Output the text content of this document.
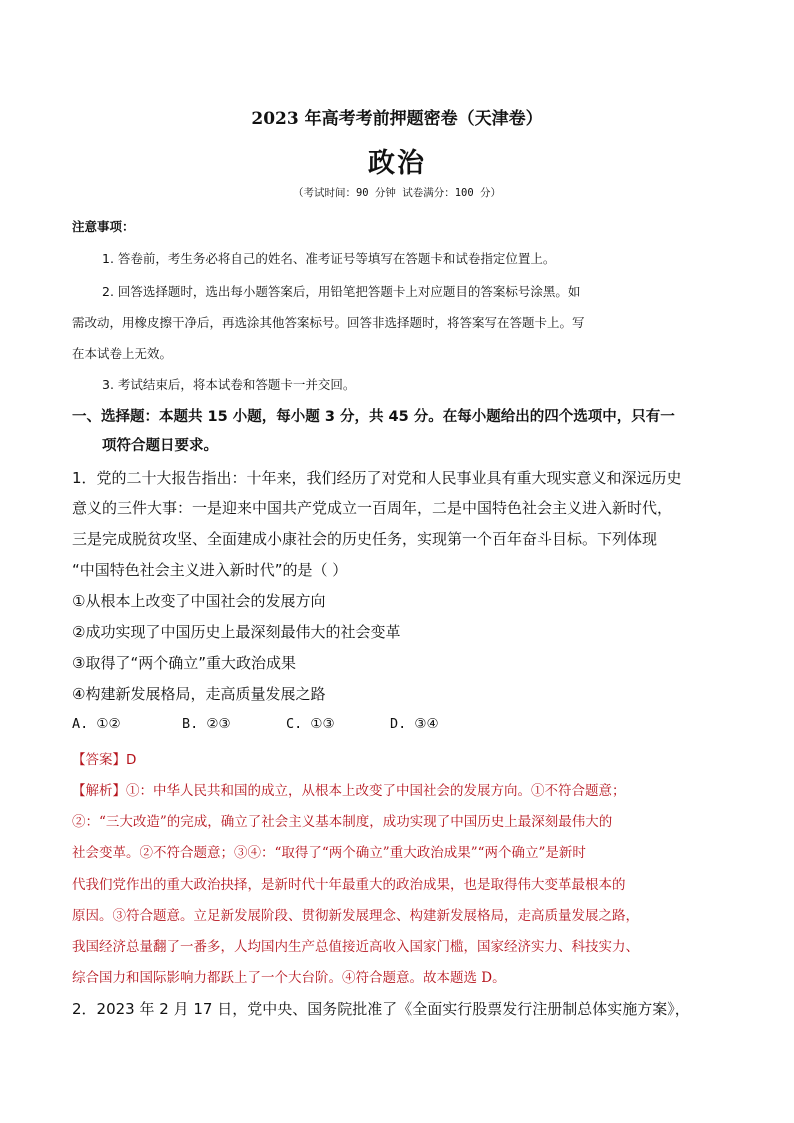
2023 年高考考前押题密卷（天津卷）
政治
（考试时间：90 分钟 试卷满分：100 分）
注意事项：
1. 答卷前，考生务必将自己的姓名、准考证号等填写在答题卡和试卷指定位置上。
2. 回答选择题时，选出每小题答案后，用铅笔把答题卡上对应题目的答案标号涂黑。如
需改动，用橡皮擦干净后，再选涂其他答案标号。回答非选择题时，将答案写在答题卡上。写
在本试卷上无效。
3. 考试结束后，将本试卷和答题卡一并交回。
一、选择题：本题共 15 小题，每小题 3 分，共 45 分。在每小题给出的四个选项中，只有一
项符合题日要求。
1．党的二十大报告指出：十年来，我们经历了对党和人民事业具有重大现实意义和深远历史
意义的三件大事：一是迎来中国共产党成立一百周年，二是中国特色社会主义进入新时代，
三是完成脱贫攻坚、全面建成小康社会的历史任务，实现第一个百年奋斗目标。下列体现
“中国特色社会主义进入新时代”的是（ ）
①从根本上改变了中国社会的发展方向
②成功实现了中国历史上最深刻最伟大的社会变革
③取得了“两个确立”重大政治成果
④构建新发展格局，走高质量发展之路
A. ①②	B. ②③	C. ①③	D. ③④
【答案】D
【解析】①：中华人民共和国的成立，从根本上改变了中国社会的发展方向。①不符合题意；
②：“三大改造”的完成，确立了社会主义基本制度，成功实现了中国历史上最深刻最伟大的
社会变革。②不符合题意；③④：“取得了“两个确立”重大政治成果”“两个确立”是新时
代我们党作出的重大政治抉择，是新时代十年最重大的政治成果，也是取得伟大变革最根本的
原因。③符合题意。立足新发展阶段、贯彻新发展理念、构建新发展格局，走高质量发展之路，
我国经济总量翻了一番多，人均国内生产总值接近高收入国家门槛，国家经济实力、科技实力、
综合国力和国际影响力都跃上了一个大台阶。④符合题意。故本题选 D。
2．2023 年 2 月 17 日，党中央、国务院批准了《全面实行股票发行注册制总体实施方案》，
